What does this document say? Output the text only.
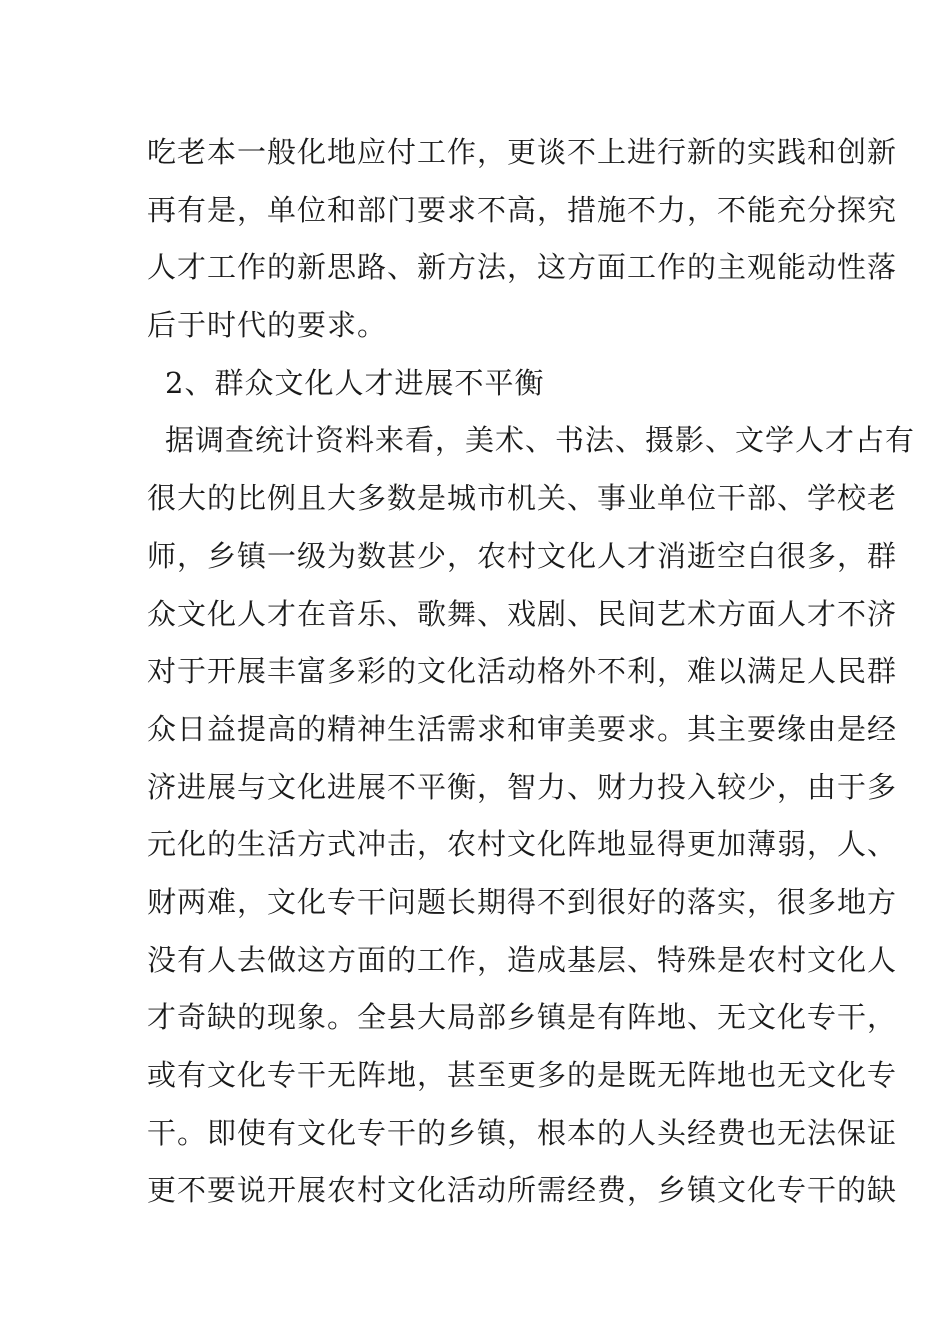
吃老本一般化地应付工作，更谈不上进行新的实践和创新
再有是，单位和部门要求不高，措施不力，不能充分探究
人才工作的新思路、新方法，这方面工作的主观能动性落
后于时代的要求。
2、群众文化人才进展不平衡
据调查统计资料来看，美术、书法、摄影、文学人才占有
很大的比例且大多数是城市机关、事业单位干部、学校老
师，乡镇一级为数甚少，农村文化人才消逝空白很多，群
众文化人才在音乐、歌舞、戏剧、民间艺术方面人才不济
对于开展丰富多彩的文化活动格外不利，难以满足人民群
众日益提高的精神生活需求和审美要求。其主要缘由是经
济进展与文化进展不平衡，智力、财力投入较少，由于多
元化的生活方式冲击，农村文化阵地显得更加薄弱，人、
财两难，文化专干问题长期得不到很好的落实，很多地方
没有人去做这方面的工作，造成基层、特殊是农村文化人
才奇缺的现象。全县大局部乡镇是有阵地、无文化专干，
或有文化专干无阵地，甚至更多的是既无阵地也无文化专
干。即使有文化专干的乡镇，根本的人头经费也无法保证
更不要说开展农村文化活动所需经费，乡镇文化专干的缺
